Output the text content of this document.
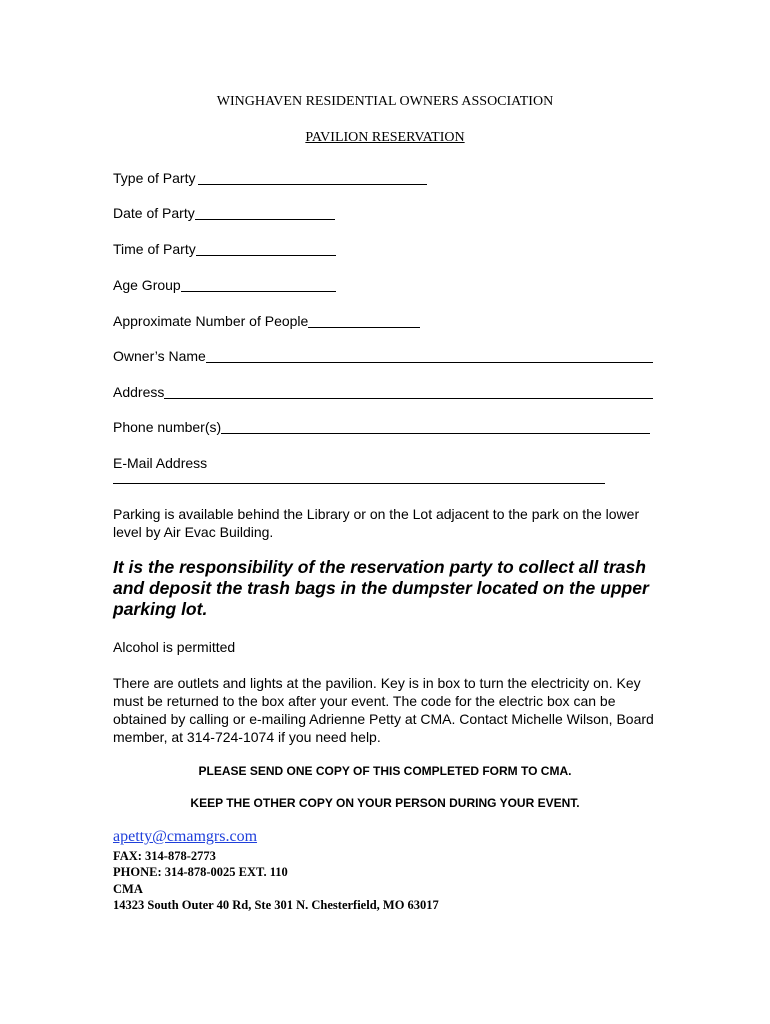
WINGHAVEN RESIDENTIAL OWNERS ASSOCIATION
PAVILION RESERVATION
Type of Party
Date of Party
Time of Party
Age Group
Approximate Number of People
Owner’s Name
Address
Phone number(s)
E-Mail Address
Parking is available behind the Library or on the Lot adjacent to the park on the lower level by Air Evac Building.
It is the responsibility of the reservation party to collect all trash and deposit the trash bags in the dumpster located on the upper parking lot.
Alcohol is permitted
There are outlets and lights at the pavilion. Key is in box to turn the electricity on. Key must be returned to the box after your event. The code for the electric box can be obtained by calling or e-mailing Adrienne Petty at CMA. Contact Michelle Wilson, Board member, at 314-724-1074 if you need help.
PLEASE SEND ONE COPY OF THIS COMPLETED FORM TO CMA.
KEEP THE OTHER COPY ON YOUR PERSON DURING YOUR EVENT.
apetty@cmamgrs.com
FAX: 314-878-2773
PHONE: 314-878-0025 EXT. 110
CMA
14323 South Outer 40 Rd, Ste 301 N. Chesterfield, MO 63017
